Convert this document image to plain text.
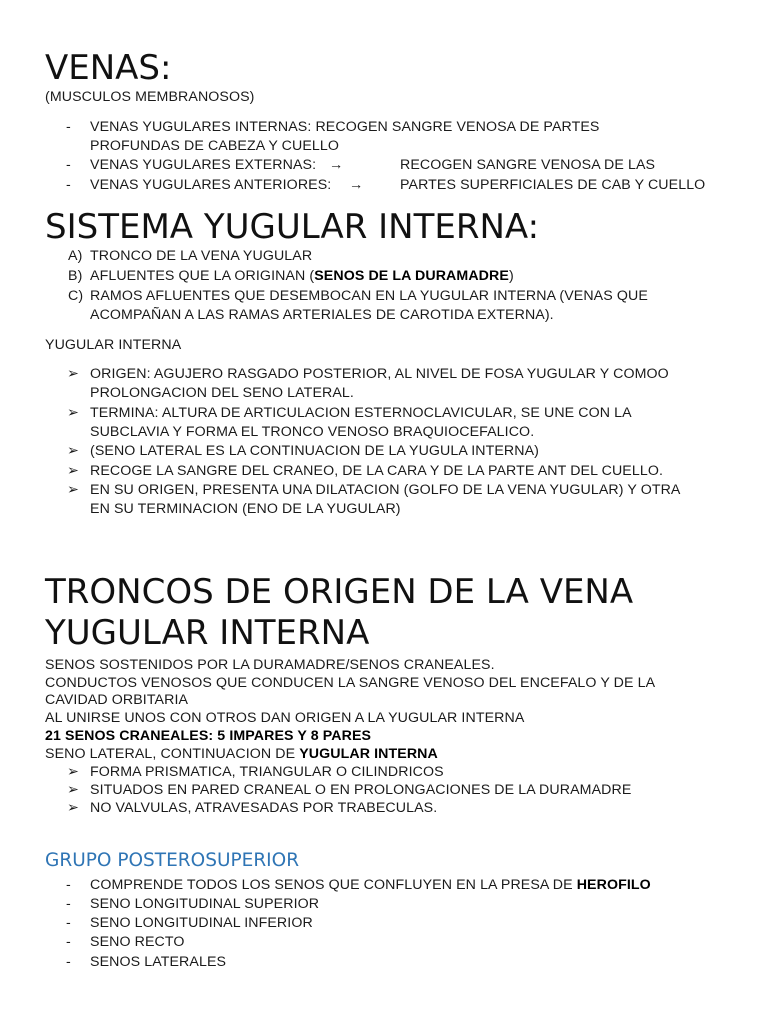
VENAS:
(MUSCULOS MEMBRANOSOS)
- VENAS YUGULARES INTERNAS: RECOGEN SANGRE VENOSA DE PARTES
PROFUNDAS DE CABEZA Y CUELLO
- VENAS YUGULARES EXTERNAS: →	RECOGEN SANGRE VENOSA DE LAS
- VENAS YUGULARES ANTERIORES: →	PARTES SUPERFICIALES DE CAB Y CUELLO
SISTEMA YUGULAR INTERNA:
A) TRONCO DE LA VENA YUGULAR
B) AFLUENTES QUE LA ORIGINAN (SENOS DE LA DURAMADRE)
C) RAMOS AFLUENTES QUE DESEMBOCAN EN LA YUGULAR INTERNA (VENAS QUE
ACOMPAÑAN A LAS RAMAS ARTERIALES DE CAROTIDA EXTERNA).
YUGULAR INTERNA
➢ ORIGEN: AGUJERO RASGADO POSTERIOR, AL NIVEL DE FOSA YUGULAR Y COMOO
PROLONGACION DEL SENO LATERAL.
➢ TERMINA: ALTURA DE ARTICULACION ESTERNOCLAVICULAR, SE UNE CON LA
SUBCLAVIA Y FORMA EL TRONCO VENOSO BRAQUIOCEFALICO.
➢ (SENO LATERAL ES LA CONTINUACION DE LA YUGULA INTERNA)
➢ RECOGE LA SANGRE DEL CRANEO, DE LA CARA Y DE LA PARTE ANT DEL CUELLO.
➢ EN SU ORIGEN, PRESENTA UNA DILATACION (GOLFO DE LA VENA YUGULAR) Y OTRA
EN SU TERMINACION (ENO DE LA YUGULAR)
TRONCOS DE ORIGEN DE LA VENA
YUGULAR INTERNA
SENOS SOSTENIDOS POR LA DURAMADRE/SENOS CRANEALES.
CONDUCTOS VENOSOS QUE CONDUCEN LA SANGRE VENOSO DEL ENCEFALO Y DE LA
CAVIDAD ORBITARIA
AL UNIRSE UNOS CON OTROS DAN ORIGEN A LA YUGULAR INTERNA
21 SENOS CRANEALES: 5 IMPARES Y 8 PARES
SENO LATERAL, CONTINUACION DE YUGULAR INTERNA
➢ FORMA PRISMATICA, TRIANGULAR O CILINDRICOS
➢ SITUADOS EN PARED CRANEAL O EN PROLONGACIONES DE LA DURAMADRE
➢ NO VALVULAS, ATRAVESADAS POR TRABECULAS.
GRUPO POSTEROSUPERIOR
- COMPRENDE TODOS LOS SENOS QUE CONFLUYEN EN LA PRESA DE HEROFILO
- SENO LONGITUDINAL SUPERIOR
- SENO LONGITUDINAL INFERIOR
- SENO RECTO
- SENOS LATERALES
